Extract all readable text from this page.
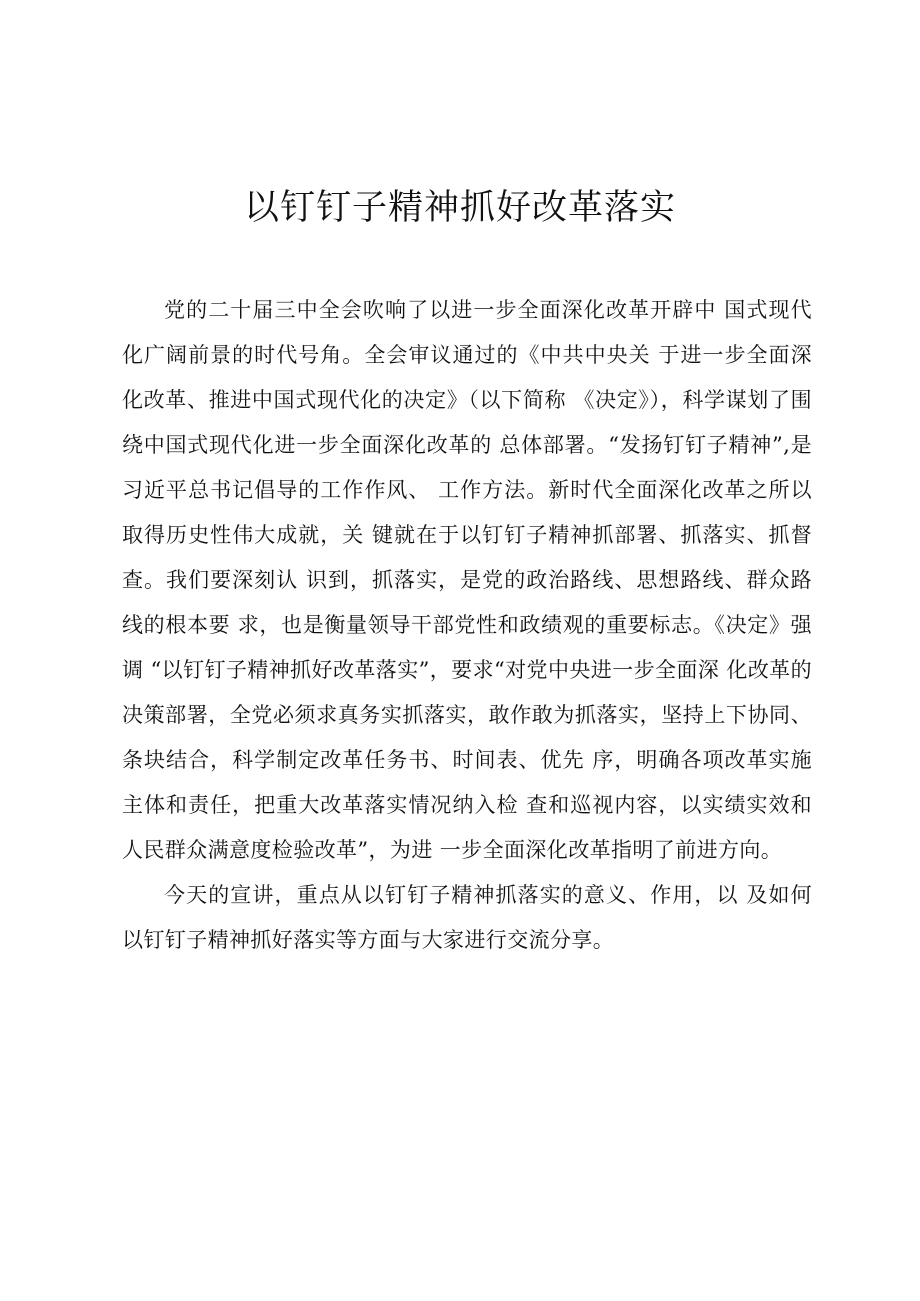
以钉钉子精神抓好改革落实

党的二十届三中全会吹响了以进一步全面深化改革开辟中 国式现代化广阔前景的时代号角。全会审议通过的《中共中央关 于进一步全面深化改革、推进中国式现代化的决定》（以下简称 《决定》），科学谋划了围绕中国式现代化进一步全面深化改革的 总体部署。“发扬钉钉子精神”,是习近平总书记倡导的工作作风、 工作方法。新时代全面深化改革之所以取得历史性伟大成就，关 键就在于以钉钉子精神抓部署、抓落实、抓督查。我们要深刻认 识到，抓落实，是党的政治路线、思想路线、群众路线的根本要 求，也是衡量领导干部党性和政绩观的重要标志。《决定》强调 “以钉钉子精神抓好改革落实”，要求“对党中央进一步全面深 化改革的决策部署，全党必须求真务实抓落实，敢作敢为抓落实，坚持上下协同、条块结合，科学制定改革任务书、时间表、优先 序，明确各项改革实施主体和责任，把重大改革落实情况纳入检 查和巡视内容，以实绩实效和人民群众满意度检验改革”，为进 一步全面深化改革指明了前进方向。

今天的宣讲，重点从以钉钉子精神抓落实的意义、作用，以 及如何以钉钉子精神抓好落实等方面与大家进行交流分享。
